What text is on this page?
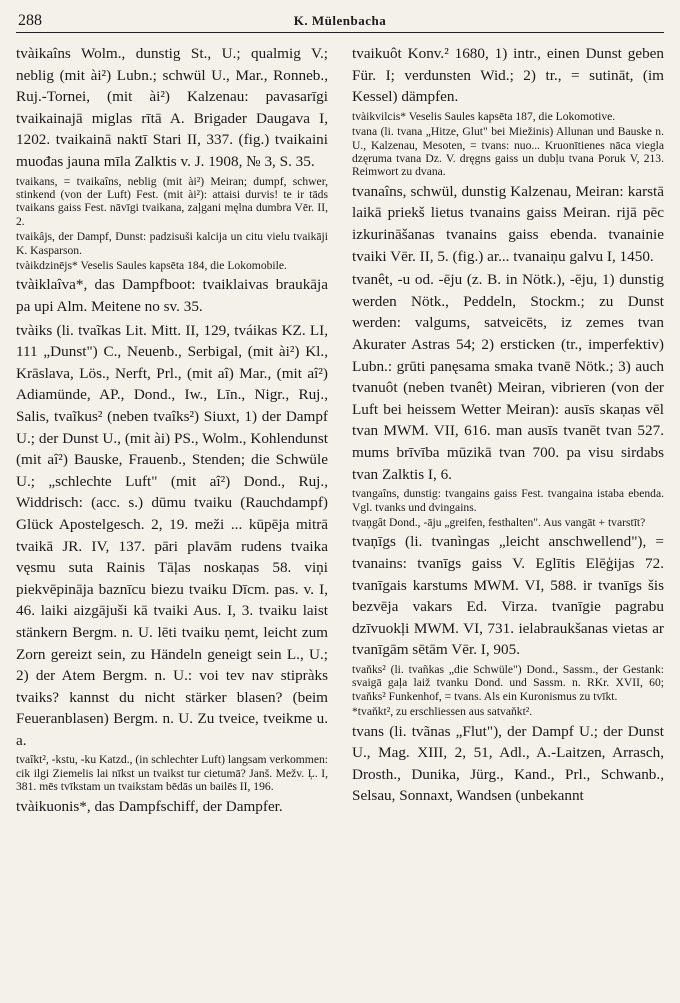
288	K. Mülenbacha

tvàikaîns Wolm., dunstig St., U.; qualmig V.; neblig (mit ài²) Lubn.; schwül U., Mar., Ronneb., Ruj.-Tornei, (mit ài²) Kalzenau: pavasarīgi tvaikainajā miglas rītā A. Brigader Daugava I, 1202. tvaikainā naktī Stari II, 337. (fig.) tvaikaini muođas jauna mīla Zalktis v. J. 1908, № 3, S. 35.

tvaikans, = tvaikaîns, neblig (mit ài²) Meiran; dumpf, schwer, stinkend (von der Luft) Fest. (mit ài²): attaisi durvis! te ir tāds tvaikans gaiss Fest. nāvīgi tvaikana, zaļgani męlna dumbra Vēr. II, 2.

tvaikâjs, der Dampf, Dunst: padzisuši kalcija un citu vielu tvaikāji K. Kasparson.

tvàikdzinējs* Veselis Saules kapsēta 184, die Lokomobile.

tvàiklaîva*, das Dampfboot: tvaiklaivas braukāja pa upi Alm. Meitene no sv. 35.

tvàiks (li. tvaĩkas Lit. Mitt. II, 129, tváikas KZ. LI, 111 „Dunst") C., Neuenb., Serbigal, (mit ài²) Kl., Krāslava, Lös., Nerft, Prl., (mit aî) Mar., (mit aî²) Adiamünde, AP., Dond., Iw., Līn., Nigr., Ruj., Salis, tvaĩkus² (neben tvaîks²) Siuxt, 1) der Dampf U.; der Dunst U., (mit ài) PS., Wolm., Kohlendunst (mit aî²) Bauske, Frauenb., Stenden; die Schwüle U.; „schlechte Luft" (mit aî²) Dond., Ruj., Widdrisch: (acc. s.) dūmu tvaiku (Rauchdampf) Glück Apostelgesch. 2, 19. meži ... kūpēja mitrā tvaikā JR. IV, 137. pāri plavām rudens tvaika vęsmu suta Rainis Tāļas noskaņas 58. viņi piekvēpināja baznīcu biezu tvaiku Dīcm. pas. v. I, 46. laiki aizgājuši kā tvaiki Aus. I, 3. tvaiku laist stänkern Bergm. n. U. lēti tvaiku ņemt, leicht zum Zorn gereizt sein, zu Händeln geneigt sein L., U.; 2) der Atem Bergm. n. U.: voi tev nav stipràks tvaiks? kannst du nicht stärker blasen? (beim Feueranblasen) Bergm. n. U. Zu tveice, tveikme u. a.

tvaîkt², -kstu, -ku Katzd., (in schlechter Luft) langsam verkommen: cik ilgi Ziemelis lai nīkst un tvaikst tur cietumā? Janš. Mežv. Ļ. I, 381. mēs tvīkstam un tvaikstam bēdās un bailēs II, 196.

tvàikuonis*, das Dampfschiff, der Dampfer.

tvaikuôt Konv.² 1680, 1) intr., einen Dunst geben Für. I; verdunsten Wid.; 2) tr., = sutināt, (im Kessel) dämpfen.

tvàikvilcis* Veselis Saules kapsēta 187, die Lokomotive.

tvana (li. tvana „Hitze, Glut" bei Miežinis) Allunan und Bauske n. U., Kalzenau, Mesoten, = tvans: nuo... Kruonītienes nāca viegla dzęruma tvana Dz. V. dręgns gaiss un dubļu tvana Poruk V, 213. Reimwort zu dvana.

tvanaîns, schwül, dunstig Kalzenau, Meiran: karstā laikā priekš lietus tvanains gaiss Meiran. rijā pēc izkurināšanas tvanains gaiss ebenda. tvanainie tvaiki Vēr. II, 5. (fig.) ar... tvanaiņu galvu I, 1450.

tvanêt, -u od. -ēju (z. B. in Nötk.), -ēju, 1) dunstig werden Nötk., Peddeln, Stockm.; zu Dunst werden: valgums, satveicēts, iz zemes tvan Akurater Astras 54; 2) ersticken (tr., imperfektiv) Lubn.: grūti panęsama smaka tvanē Nötk.; 3) auch tvanuôt (neben tvanêt) Meiran, vibrieren (von der Luft bei heissem Wetter Meiran): ausīs skaņas vēl tvan MWM. VII, 616. man ausīs tvanēt tvan 527. mums brīvība mūzikā tvan 700. pa visu sirdabs tvan Zalktis I, 6.

tvangaîns, dunstig: tvangains gaiss Fest. tvangaina istaba ebenda. Vgl. tvanks und dvingains.

tvaņgât Dond., -āju „greifen, festhalten". Aus vangāt + tvarstīt?

tvaņīgs (li. tvanìngas „leicht anschwellend"), = tvanains: tvanīgs gaiss V. Eglītis Elēģijas 72. tvanīgais karstums MWM. VI, 588. ir tvanīgs šis bezvēja vakars Ed. Virza. tvanīgie pagrabu dzīvuokļi MWM. VI, 731. ielabraukšanas vietas ar tvanīgām sētām Vēr. I, 905.

tvaňks² (li. tvañkas „die Schwüle") Dond., Sassm., der Gestank: svaigā gaļa laiž tvanku Dond. und Sassm. n. RKr. XVII, 60; tvaňks² Funkenhof, = tvans. Als ein Kuronismus zu tvīkt.

*tvaňkt², zu erschliessen aus satvaňkt².

tvans (li. tvãnas „Flut"), der Dampf U.; der Dunst U., Mag. XIII, 2, 51, Adl., A.-Laitzen, Arrasch, Drosth., Dunika, Jürg., Kand., Prl., Schwanb., Selsau, Sonnaxt, Wandsen (unbekannt
